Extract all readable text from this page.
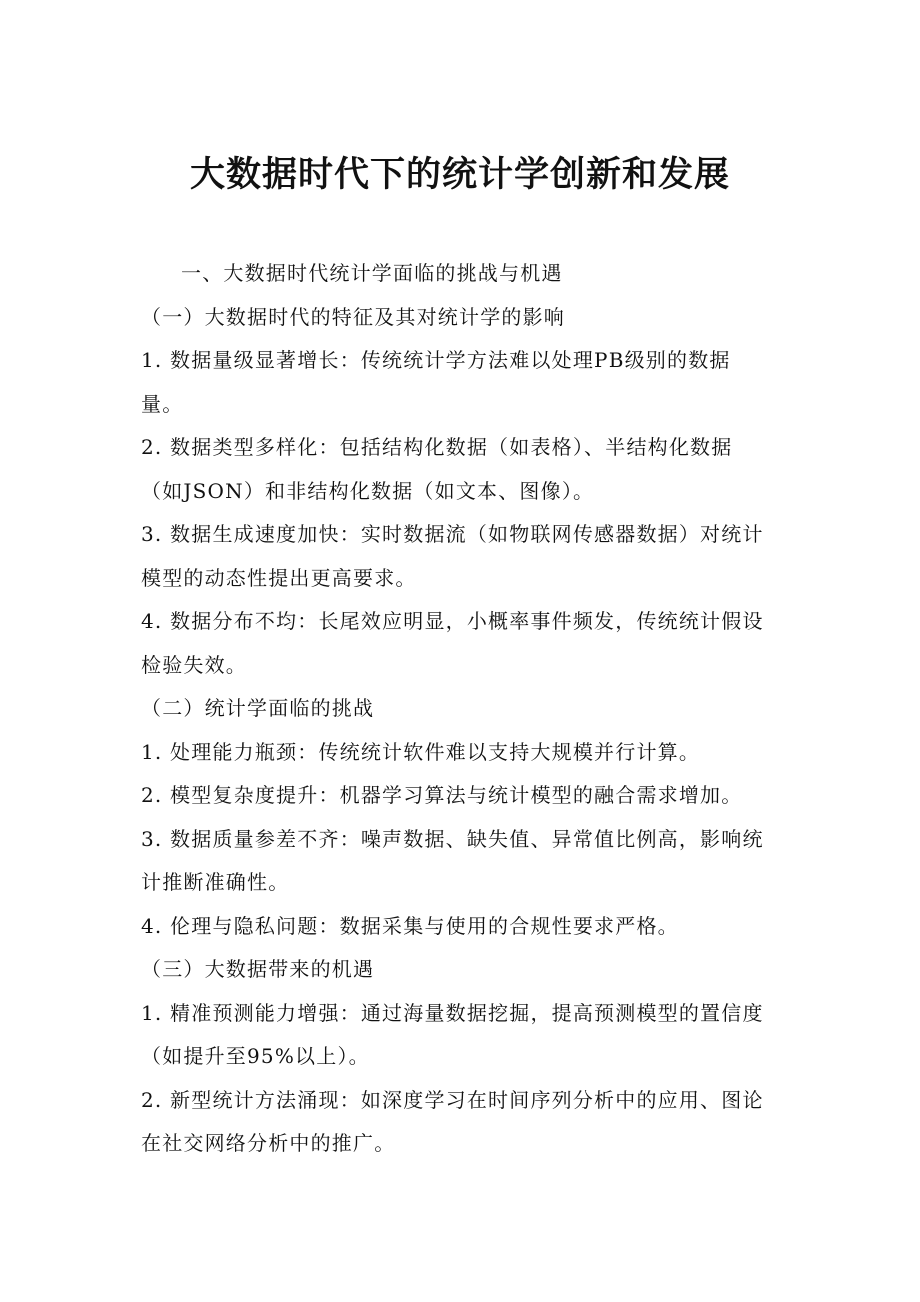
大数据时代下的统计学创新和发展
一、大数据时代统计学面临的挑战与机遇
（一）大数据时代的特征及其对统计学的影响
1. 数据量级显著增长：传统统计学方法难以处理PB级别的数据
量。
2. 数据类型多样化：包括结构化数据（如表格）、半结构化数据
（如JSON）和非结构化数据（如文本、图像）。
3. 数据生成速度加快：实时数据流（如物联网传感器数据）对统计
模型的动态性提出更高要求。
4. 数据分布不均：长尾效应明显，小概率事件频发，传统统计假设
检验失效。
（二）统计学面临的挑战
1. 处理能力瓶颈：传统统计软件难以支持大规模并行计算。
2. 模型复杂度提升：机器学习算法与统计模型的融合需求增加。
3. 数据质量参差不齐：噪声数据、缺失值、异常值比例高，影响统
计推断准确性。
4. 伦理与隐私问题：数据采集与使用的合规性要求严格。
（三）大数据带来的机遇
1. 精准预测能力增强：通过海量数据挖掘，提高预测模型的置信度
（如提升至95%以上）。
2. 新型统计方法涌现：如深度学习在时间序列分析中的应用、图论
在社交网络分析中的推广。
